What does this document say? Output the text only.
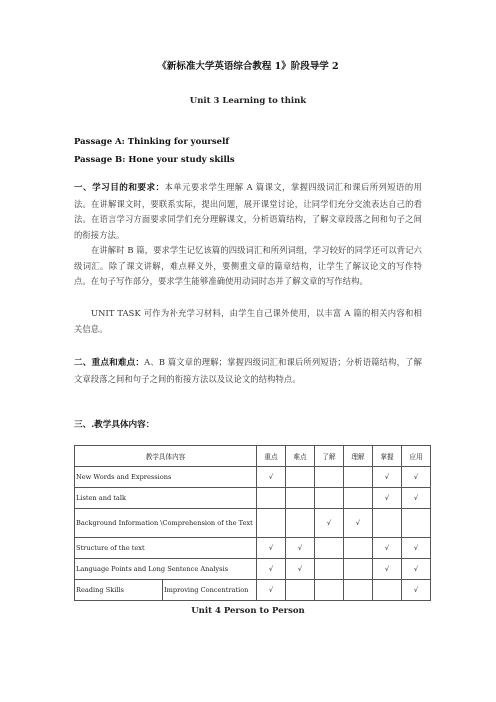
《新标准大学英语综合教程 1》阶段导学 2
Unit 3 Learning to think
Passage A: Thinking for yourself
Passage B: Hone your study skills
一、学习目的和要求：本单元要求学生理解 A 篇课文，掌握四级词汇和课后所列短语的用法。在讲解课文时，要联系实际，提出问题，展开课堂讨论，让同学们充分交流表达自己的看法。在语言学习方面要求同学们充分理解课文，分析语篇结构，了解文章段落之间和句子之间的衔接方法。
在讲解时 B 篇，要求学生记忆该篇的四级词汇和所列词组，学习较好的同学还可以背记六级词汇。除了课文讲解，难点释义外，要侧重文章的篇章结构，让学生了解议论文的写作特点。在句子写作部分，要求学生能够准确使用动词时态并了解文章的写作结构。
UNIT TASK 可作为补充学习材料，由学生自己课外使用，以丰富 A 篇的相关内容和相关信息。
二、重点和难点：A、B 篇文章的理解；掌握四级词汇和课后所列短语；分析语篇结构，了解文章段落之间和句子之间的衔接方法以及议论文的结构特点。
三、.教学具体内容：
教学具体内容		重点	难点	了解	理解	掌握	应用
New Words and Expressions		√				√	√
Listen and talk						√	√
Background Information \Comprehension of the Text				√	√		
Structure of the text		√	√			√	√
Language Points and Long Sentence Analysis		√	√			√	√
Reading Skills	Improving Concentration	√					√
Unit 4 Person to Person
